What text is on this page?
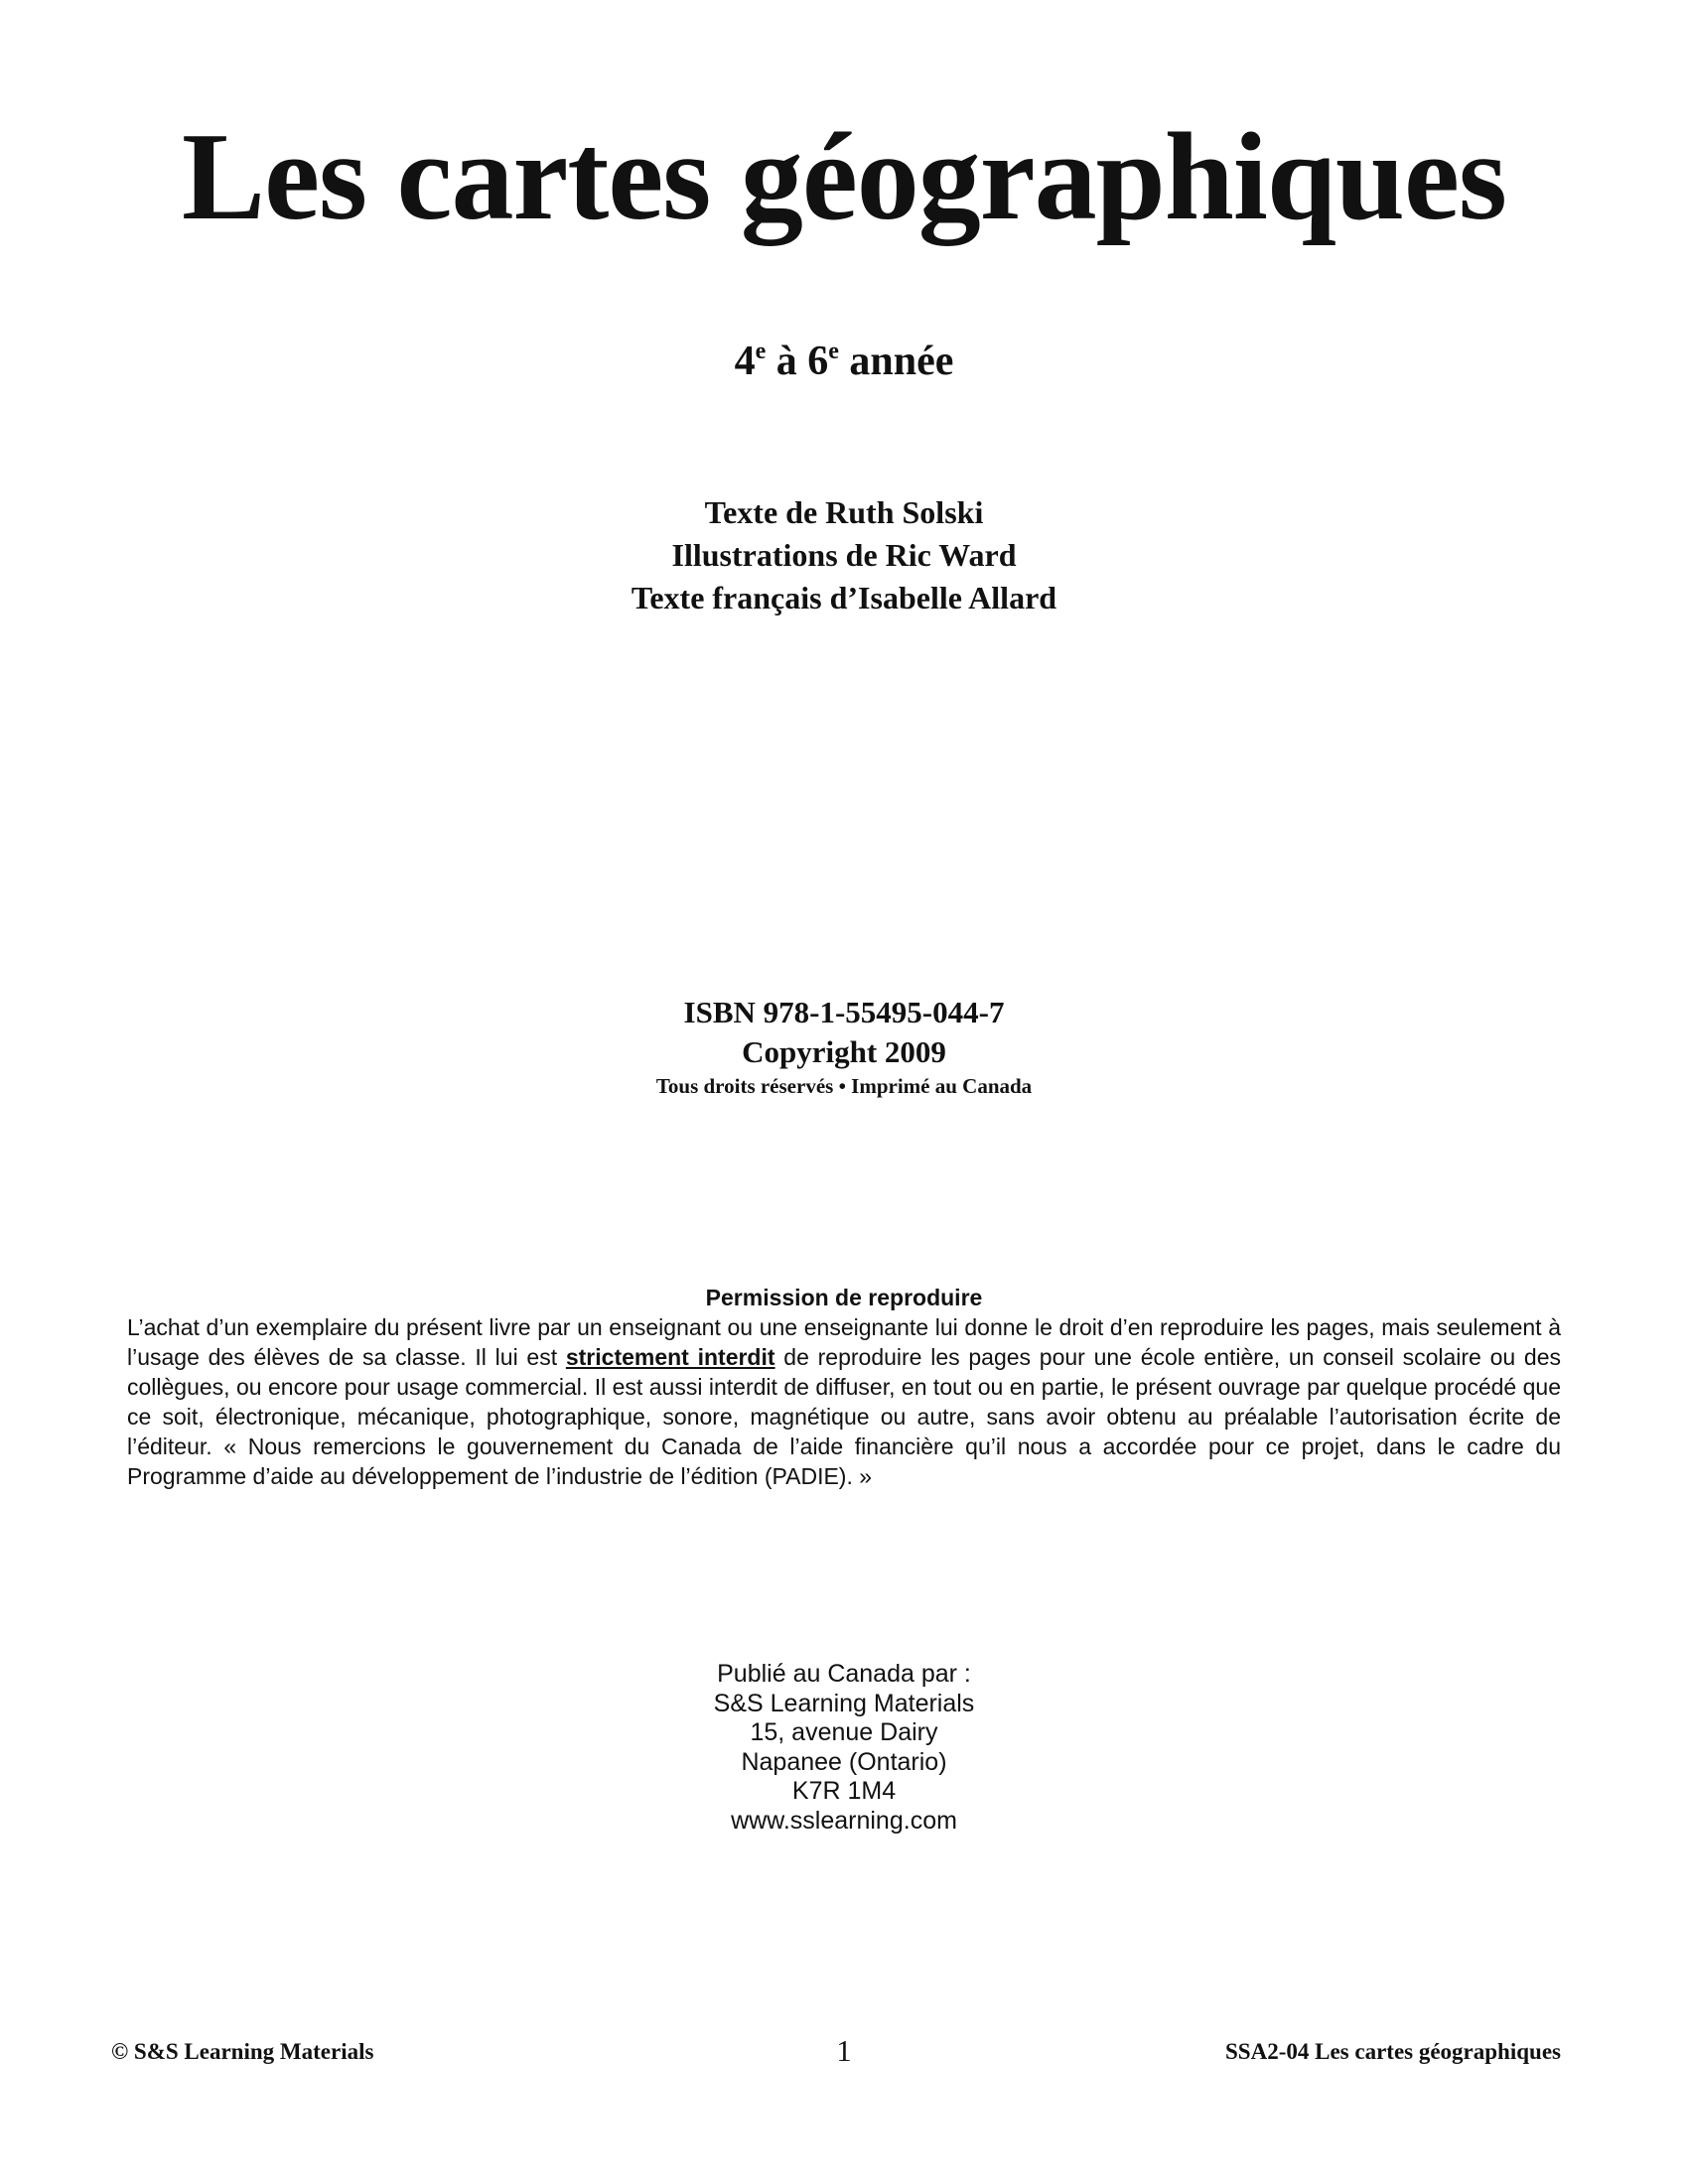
Les cartes géographiques
4e à 6e année
Texte de Ruth Solski
Illustrations de Ric Ward
Texte français d’Isabelle Allard
ISBN 978-1-55495-044-7
Copyright 2009
Tous droits réservés • Imprimé au Canada
Permission de reproduire
L’achat d’un exemplaire du présent livre par un enseignant ou une enseignante lui donne le droit d’en reproduire les pages, mais seulement à l’usage des élèves de sa classe. Il lui est strictement interdit de reproduire les pages pour une école entière, un conseil scolaire ou des collègues, ou encore pour usage commercial. Il est aussi interdit de diffuser, en tout ou en partie, le présent ouvrage par quelque procédé que ce soit, électronique, mécanique, photographique, sonore, magnétique ou autre, sans avoir obtenu au préalable l’autorisation écrite de l’éditeur. « Nous remercions le gouvernement du Canada de l’aide financière qu’il nous a accordée pour ce projet, dans le cadre du Programme d’aide au développement de l’industrie de l’édition (PADIE). »
Publié au Canada par :
S&S Learning Materials
15, avenue Dairy
Napanee (Ontario)
K7R 1M4
www.sslearning.com
© S&S Learning Materials	1	SSA2-04 Les cartes géographiques
